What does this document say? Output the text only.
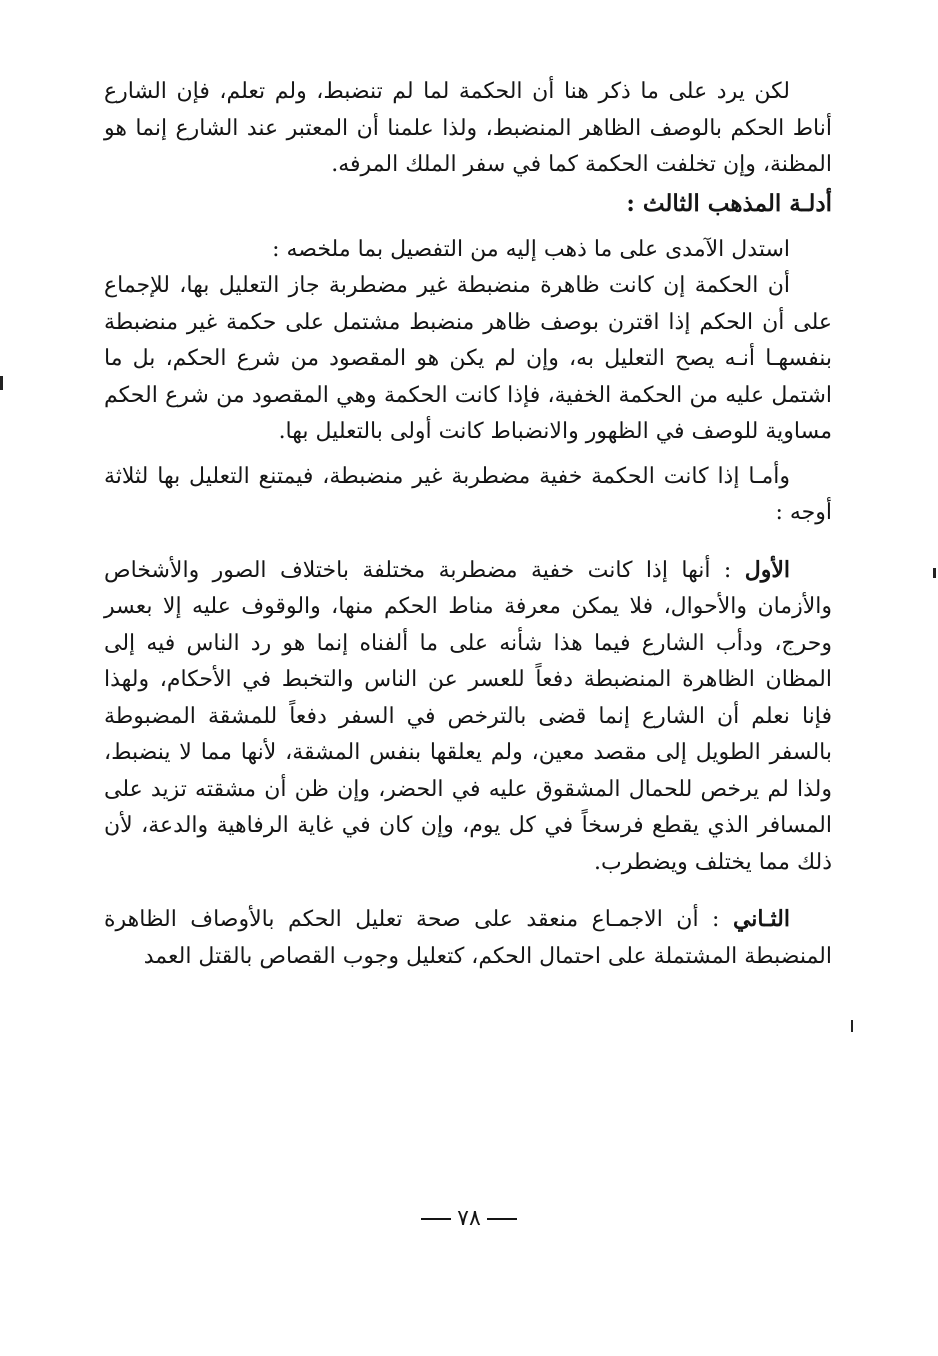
لكن يرد على ما ذكر هنا أن الحكمة لما لم تنضبط، ولم تعلم، فإن الشارع أناط الحكم بالوصف الظاهر المنضبط، ولذا علمنا أن المعتبر عند الشارع إنما هو المظنة، وإن تخلفت الحكمة كما في سفر الملك المرفه.

أدلـة المذهب الثالث :

استدل الآمدى على ما ذهب إليه من التفصيل بما ملخصه :

أن الحكمة إن كانت ظاهرة منضبطة غير مضطربة جاز التعليل بها، للإجماع على أن الحكم إذا اقترن بوصف ظاهر منضبط مشتمل على حكمة غير منضبطة بنفسهـا أنـه يصح التعليل به، وإن لم يكن هو المقصود من شرع الحكم، بل ما اشتمل عليه من الحكمة الخفية، فإذا كانت الحكمة وهي المقصود من شرع الحكم مساوية للوصف في الظهور والانضباط كانت أولى بالتعليل بها.

وأمـا إذا كانت الحكمة خفية مضطربة غير منضبطة، فيمتنع التعليل بها لثلاثة أوجه :

الأول : أنها إذا كانت خفية مضطربة مختلفة باختلاف الصور والأشخاص والأزمان والأحوال، فلا يمكن معرفة مناط الحكم منها، والوقوف عليه إلا بعسر وحرج، ودأب الشارع فيما هذا شأنه على ما ألفناه إنما هو رد الناس فيه إلى المظان الظاهرة المنضبطة دفعاً للعسر عن الناس والتخبط في الأحكام، ولهذا فإنا نعلم أن الشارع إنما قضى بالترخص في السفر دفعاً للمشقة المضبوطة بالسفر الطويل إلى مقصد معين، ولم يعلقها بنفس المشقة، لأنها مما لا ينضبط، ولذا لم يرخص للحمال المشقوق عليه في الحضر، وإن ظن أن مشقته تزيد على المسافر الذي يقطع فرسخاً في كل يوم، وإن كان في غاية الرفاهية والدعة، لأن ذلك مما يختلف ويضطرب.

الثـاني : أن الاجمـاع منعقد على صحة تعليل الحكم بالأوصاف الظاهرة المنضبطة المشتملة على احتمال الحكم، كتعليل وجوب القصاص بالقتل العمد

٧٨
